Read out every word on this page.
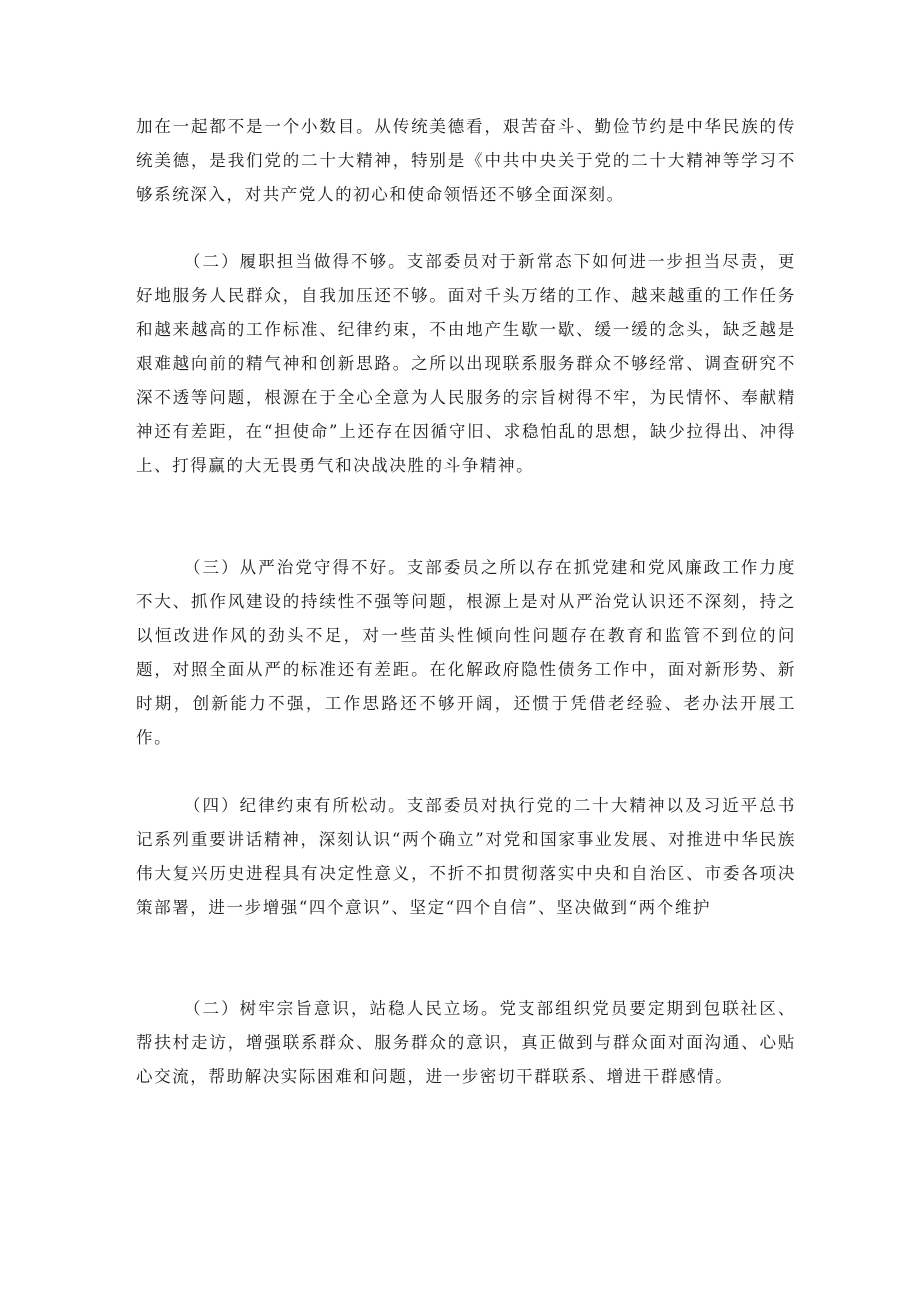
加在一起都不是一个小数目。从传统美德看，艰苦奋斗、勤俭节约是中华民族的传统美德，是我们党的二十大精神，特别是《中共中央关于党的二十大精神等学习不够系统深入，对共产党人的初心和使命领悟还不够全面深刻。

（二）履职担当做得不够。支部委员对于新常态下如何进一步担当尽责，更好地服务人民群众，自我加压还不够。面对千头万绪的工作、越来越重的工作任务和越来越高的工作标准、纪律约束，不由地产生歇一歇、缓一缓的念头，缺乏越是艰难越向前的精气神和创新思路。之所以出现联系服务群众不够经常、调查研究不深不透等问题，根源在于全心全意为人民服务的宗旨树得不牢，为民情怀、奉献精神还有差距，在“担使命”上还存在因循守旧、求稳怕乱的思想，缺少拉得出、冲得上、打得赢的大无畏勇气和决战决胜的斗争精神。

（三）从严治党守得不好。支部委员之所以存在抓党建和党风廉政工作力度不大、抓作风建设的持续性不强等问题，根源上是对从严治党认识还不深刻，持之以恒改进作风的劲头不足，对一些苗头性倾向性问题存在教育和监管不到位的问题，对照全面从严的标准还有差距。在化解政府隐性债务工作中，面对新形势、新时期，创新能力不强，工作思路还不够开阔，还惯于凭借老经验、老办法开展工作。

（四）纪律约束有所松动。支部委员对执行党的二十大精神以及习近平总书记系列重要讲话精神，深刻认识“两个确立”对党和国家事业发展、对推进中华民族伟大复兴历史进程具有决定性意义，不折不扣贯彻落实中央和自治区、市委各项决策部署，进一步增强“四个意识”、坚定“四个自信”、坚决做到“两个维护

（二）树牢宗旨意识，站稳人民立场。党支部组织党员要定期到包联社区、帮扶村走访，增强联系群众、服务群众的意识，真正做到与群众面对面沟通、心贴心交流，帮助解决实际困难和问题，进一步密切干群联系、增进干群感情。
